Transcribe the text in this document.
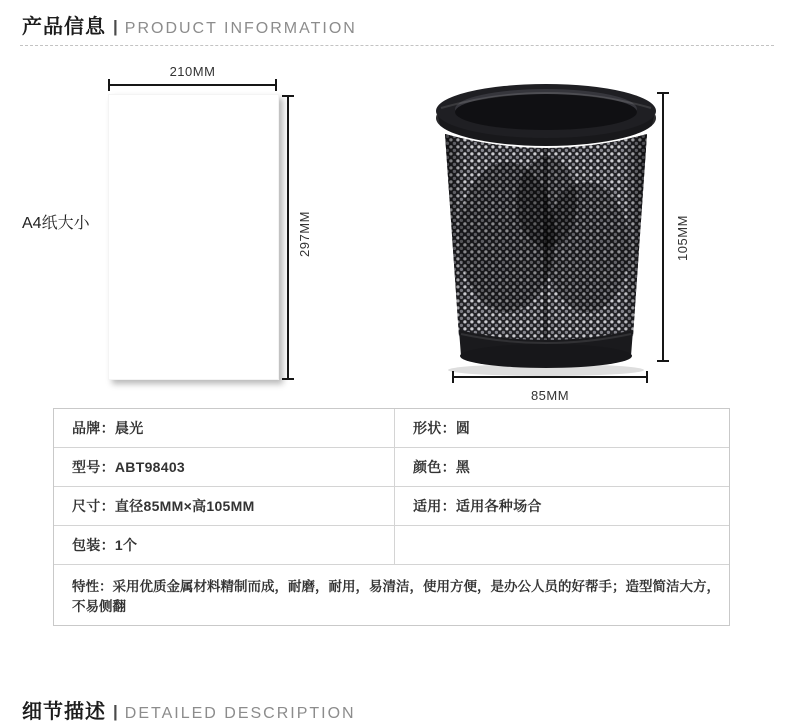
产品信息 | PRODUCT INFORMATION
A4纸大小
210MM
297MM	105MM
85MM
品牌：晨光	形状：圆
型号：ABT98403	颜色：黑
尺寸：直径85MM×高105MM	适用：适用各种场合
包装：1个
特性：采用优质金属材料精制而成，耐磨，耐用，易清洁，使用方便，是办公人员的好帮手；造型简洁大方，不易侧翻
细节描述 | DETAILED DESCRIPTION
